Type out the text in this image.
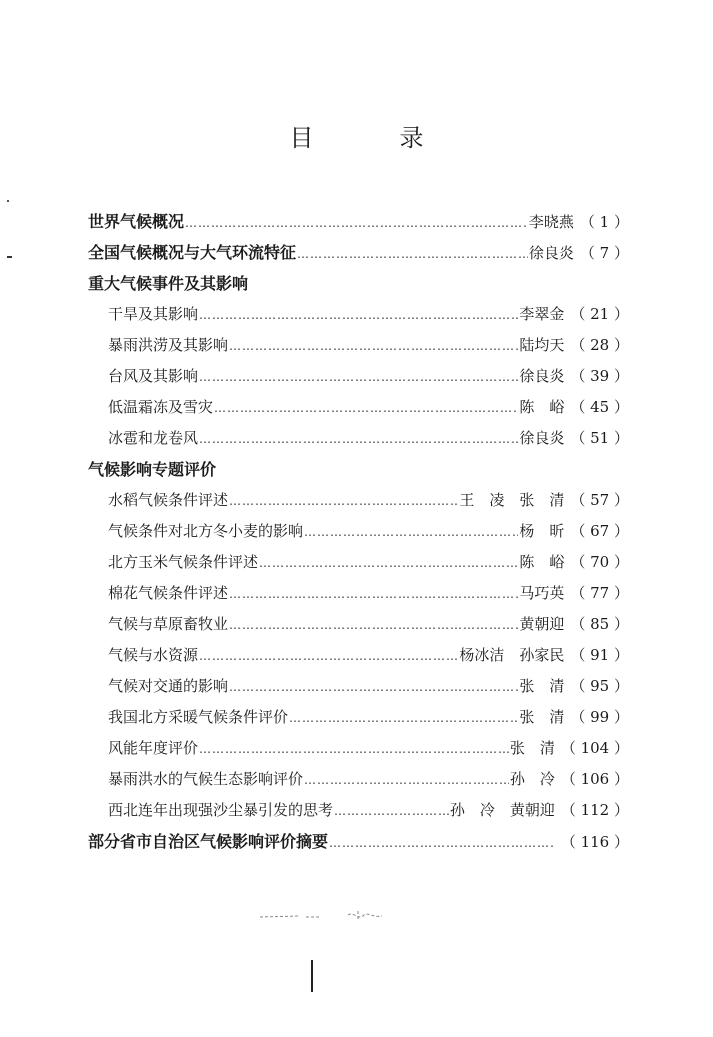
目	录
世界气候概况 …………………………………………………………………………………………………………………………………	李晓燕 （ 1 ）
全国气候概况与大气环流特征 …………………………………………………………………………………………………………………………………	徐良炎 （ 7 ）
重大气候事件及其影响
干旱及其影响 …………………………………………………………………………………………………………………………………	李翠金 （ 21 ）
暴雨洪涝及其影响 …………………………………………………………………………………………………………………………………	陆均天 （ 28 ）
台风及其影响 …………………………………………………………………………………………………………………………………	徐良炎 （ 39 ）
低温霜冻及雪灾 …………………………………………………………………………………………………………………………………	陈　峪 （ 45 ）
冰雹和龙卷风 …………………………………………………………………………………………………………………………………	徐良炎 （ 51 ）
气候影响专题评价
水稻气候条件评述 …………………………………………………………………………………………………………………………………	王　凌　张　清 （ 57 ）
气候条件对北方冬小麦的影响 …………………………………………………………………………………………………………………………………	杨　昕 （ 67 ）
北方玉米气候条件评述 …………………………………………………………………………………………………………………………………	陈　峪 （ 70 ）
棉花气候条件评述 …………………………………………………………………………………………………………………………………	马巧英 （ 77 ）
气候与草原畜牧业 …………………………………………………………………………………………………………………………………	黄朝迎 （ 85 ）
气候与水资源 …………………………………………………………………………………………………………………………………	杨冰洁　孙家民 （ 91 ）
气候对交通的影响 …………………………………………………………………………………………………………………………………	张　清 （ 95 ）
我国北方采暖气候条件评价 …………………………………………………………………………………………………………………………………	张　清 （ 99 ）
风能年度评价 …………………………………………………………………………………………………………………………………	张　清 （ 104 ）
暴雨洪水的气候生态影响评价 …………………………………………………………………………………………………………………………………	孙　冷 （ 106 ）
西北连年出现强沙尘暴引发的思考 …………………………………………………………………………………………………………………………………	孙　冷　黄朝迎 （ 112 ）
部分省市自治区气候影响评价摘要 …………………………………………………………………………………………………………………………………	（ 116 ）
